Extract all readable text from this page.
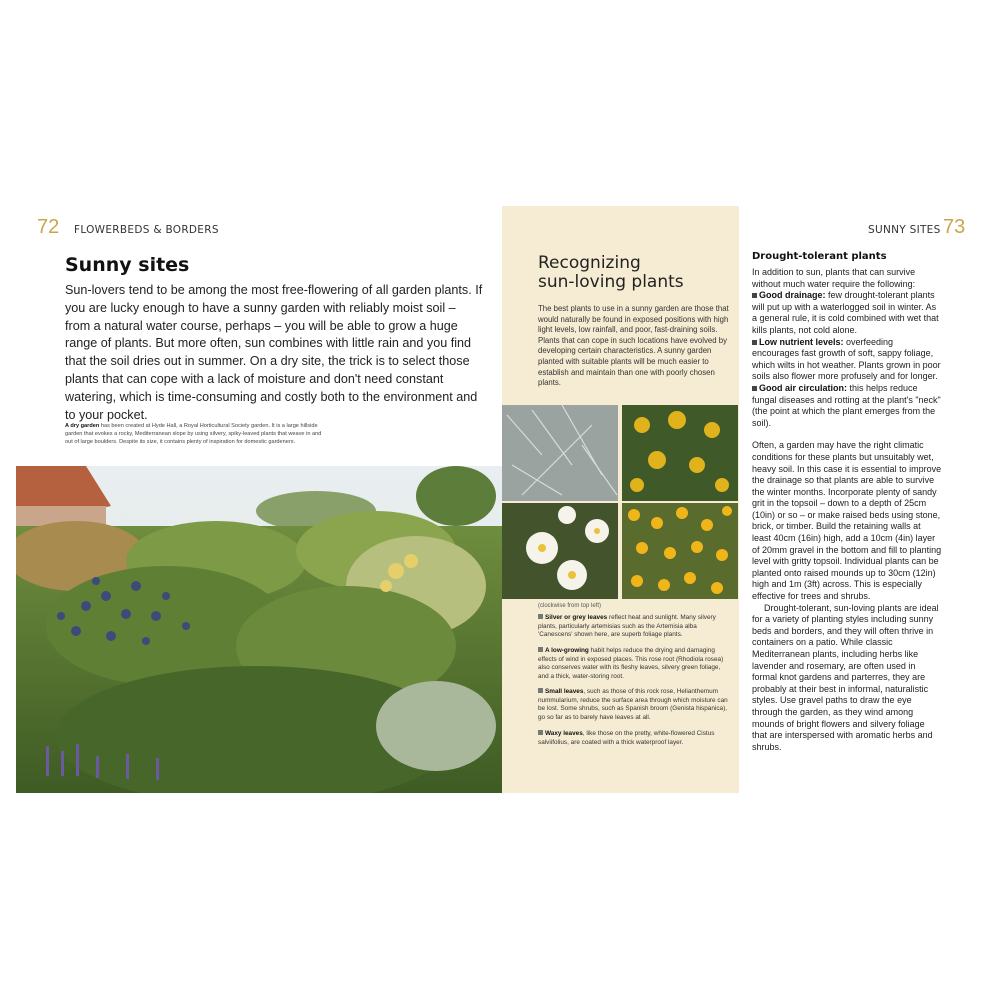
72 FLOWERBEDS & BORDERS
Sunny sites
Sun-lovers tend to be among the most free-flowering of all garden plants. If you are lucky enough to have a sunny garden with reliably moist soil – from a natural water course, perhaps – you will be able to grow a huge range of plants. But more often, sun combines with little rain and you find that the soil dries out in summer. On a dry site, the trick is to select those plants that can cope with a lack of moisture and don't need constant watering, which is time-consuming and costly both to the environment and to your pocket.
A dry garden has been created at Hyde Hall, a Royal Horticultural Society garden. It is a large hillside garden that evokes a rocky, Mediterranean slope by using silvery, spiky-leaved plants that weave in and out of large boulders. Despite its size, it contains plenty of inspiration for domestic gardeners.
Recognizing
sun-loving plants
The best plants to use in a sunny garden are those that would naturally be found in exposed positions with high light levels, low rainfall, and poor, fast-draining soils. Plants that can cope in such locations have evolved by developing certain characteristics. A sunny garden planted with suitable plants will be much easier to establish and maintain than one with poorly chosen plants.
(clockwise from top left)
Silver or grey leaves reflect heat and sunlight. Many silvery plants, particularly artemisias such as the Artemisia alba 'Canescens' shown here, are superb foliage plants.
A low-growing habit helps reduce the drying and damaging effects of wind in exposed places. This rose root (Rhodiola rosea) also conserves water with its fleshy leaves, silvery green foliage, and a thick, water-storing root.
Small leaves, such as those of this rock rose, Helianthemum nummularium, reduce the surface area through which moisture can be lost. Some shrubs, such as Spanish broom (Genista hispanica), go so far as to barely have leaves at all.
Waxy leaves, like those on the pretty, white-flowered Cistus salviifolius, are coated with a thick waterproof layer.
SUNNY SITES 73
Drought-tolerant plants
In addition to sun, plants that can survive without much water require the following:
Good drainage: few drought-tolerant plants will put up with a waterlogged soil in winter. As a general rule, it is cold combined with wet that kills plants, not cold alone.
Low nutrient levels: overfeeding encourages fast growth of soft, sappy foliage, which wilts in hot weather. Plants grown in poor soils also flower more profusely and for longer.
Good air circulation: this helps reduce fungal diseases and rotting at the plant's "neck" (the point at which the plant emerges from the soil).
Often, a garden may have the right climatic conditions for these plants but unsuitably wet, heavy soil. In this case it is essential to improve the drainage so that plants are able to survive the winter months. Incorporate plenty of sandy grit in the topsoil – down to a depth of 25cm (10in) or so – or make raised beds using stone, brick, or timber. Build the retaining walls at least 40cm (16in) high, add a 10cm (4in) layer of 20mm gravel in the bottom and fill to planting level with gritty topsoil. Individual plants can be planted onto raised mounds up to 30cm (12in) high and 1m (3ft) across. This is especially effective for trees and shrubs.
Drought-tolerant, sun-loving plants are ideal for a variety of planting styles including sunny beds and borders, and they will often thrive in containers on a patio. While classic Mediterranean plants, including herbs like lavender and rosemary, are often used in formal knot gardens and parterres, they are probably at their best in informal, naturalistic styles. Use gravel paths to draw the eye through the garden, as they wind among mounds of bright flowers and silvery foliage that are interspersed with aromatic herbs and shrubs.
